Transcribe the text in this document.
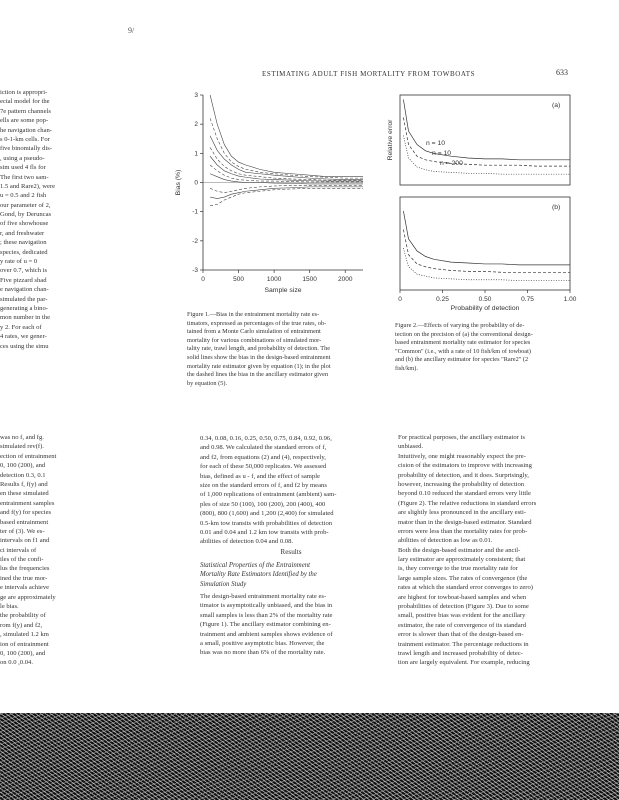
9/
ESTIMATING ADULT FISH MORTALITY FROM TOWBOATS	633
iction is appropri-
ectal model for the
7e pattern channels
ells are some pop-
he navigation chan-
s 0-1-km cells. For
five binomially dis-
, using a pseudo-
sim used 4 fls for
The first two sam-
1.5 and Rare2), were
u = 0.5 and 2 fish
our parameter of 2,
Gond, by Deruncas
of five showhouse
r, and freshwater
; these navigation
species, dedicated
y rate of u = 0
over 0.7, which is
Five pizzard shad
e navigation chan-
simulated the par-
generating a bino-
mon number in the
y 2. For each of
4 rates, we gener-
ces using the simu
was no f, and fg.
simulated rev(f).
ection of entrainment
0, 100 (200), and
detection 0.3, 0.1
Results f, f(y) and
en these simulated
entrainment samples
and f(y) for species
based entrainment
ter of (3). We es-
intervals on f1 and
ci intervals of
iles of the confi-
lus the frequencies
ined the true mor-
e intervals achieve
ge are approximately
le bias.
the probability of
rom f(y) and f2,
, simulated 1.2 km
ion of entrainment
0, 100 (200), and
on 0.0 ,0.04.
-3
-2
-1
0
1
2
3
0	500	1000	1500	2000
Sample size
Bias (%)
Figure 1.—Bias in the entrainment mortality rate es-
timators, expressed as percentages of the true rates, ob-
tained from a Monte Carlo simulation of entrainment
mortality for various combinations of simulated mor-
tality rate, trawl length, and probability of detection. The
solid lines show the bias in the design-based entrainment
mortality rate estimator given by equation (1); in the plot
the dashed lines the bias in the ancillary estimator given
by equation (5).
0	0.25	0.50	0.75	1.00
(a)
(b)
n = 10
n = 10
n = 200
Relative error
Probability of detection
Figure 2.—Effects of varying the probability of de-
tection on the precision of (a) the conventional design-
based entrainment mortality rate estimator for species
"Common" (i.e., with a rate of 10 fish/km of towboat)
and (b) the ancillary estimator for species "Rare2" (2
fish/km).
0.34, 0.08, 0.16, 0.25, 0.50, 0.75, 0.84, 0.92, 0.96,
and 0.98. We calculated the standard errors of f,
and f2, from equations (2) and (4), respectively,
for each of these 50,000 replicates. We assessed
bias, defined as u - f, and the effect of sample
size on the standard errors of f, and f2 by means
of 1,000 replications of entrainment (ambient) sam-
ples of size 50 (100), 100 (200), 200 (400), 400
(800), 800 (1,600) and 1,200 (2,400) for simulated
0.5-km tow transits with probabilities of detection
0.01 and 0.04 and 1.2 km tow transits with prob-
abilities of detection 0.04 and 0.08.
Results
Statistical Properties of the Entrainment
Mortality Rate Estimators Identified by the
Simulation Study
The design-based entrainment mortality rate es-
timator is asymptotically unbiased, and the bias in
small samples is less than 2% of the mortality rate
(Figure 1). The ancillary estimator combining en-
trainment and ambient samples shows evidence of
a small, positive asymptotic bias. However, the
bias was no more than 6% of the mortality rate.
For practical purposes, the ancillary estimator is
unbiased.
Intuitively, one might reasonably expect the pre-
cision of the estimators to improve with increasing
probability of detection, and it does. Surprisingly,
however, increasing the probability of detection
beyond 0.10 reduced the standard errors very little
(Figure 2). The relative reductions in standard errors
are slightly less pronounced in the ancillary esti-
mator than in the design-based estimator. Standard
errors were less than the mortality rates for prob-
abilities of detection as low as 0.01.
Both the design-based estimator and the ancil-
lary estimator are approximately consistent; that
is, they converge to the true mortality rate for
large sample sizes. The rates of convergence (the
rates at which the standard error converges to zero)
are highest for towboat-based samples and when
probabilities of detection (Figure 3). Due to some
small, positive bias was evident for the ancillary
estimator, the rate of convergence of its standard
error is slower than that of the design-based en-
trainment estimator. The percentage reductions in
trawl length and increased probability of detec-
tion are largely equivalent. For example, reducing
